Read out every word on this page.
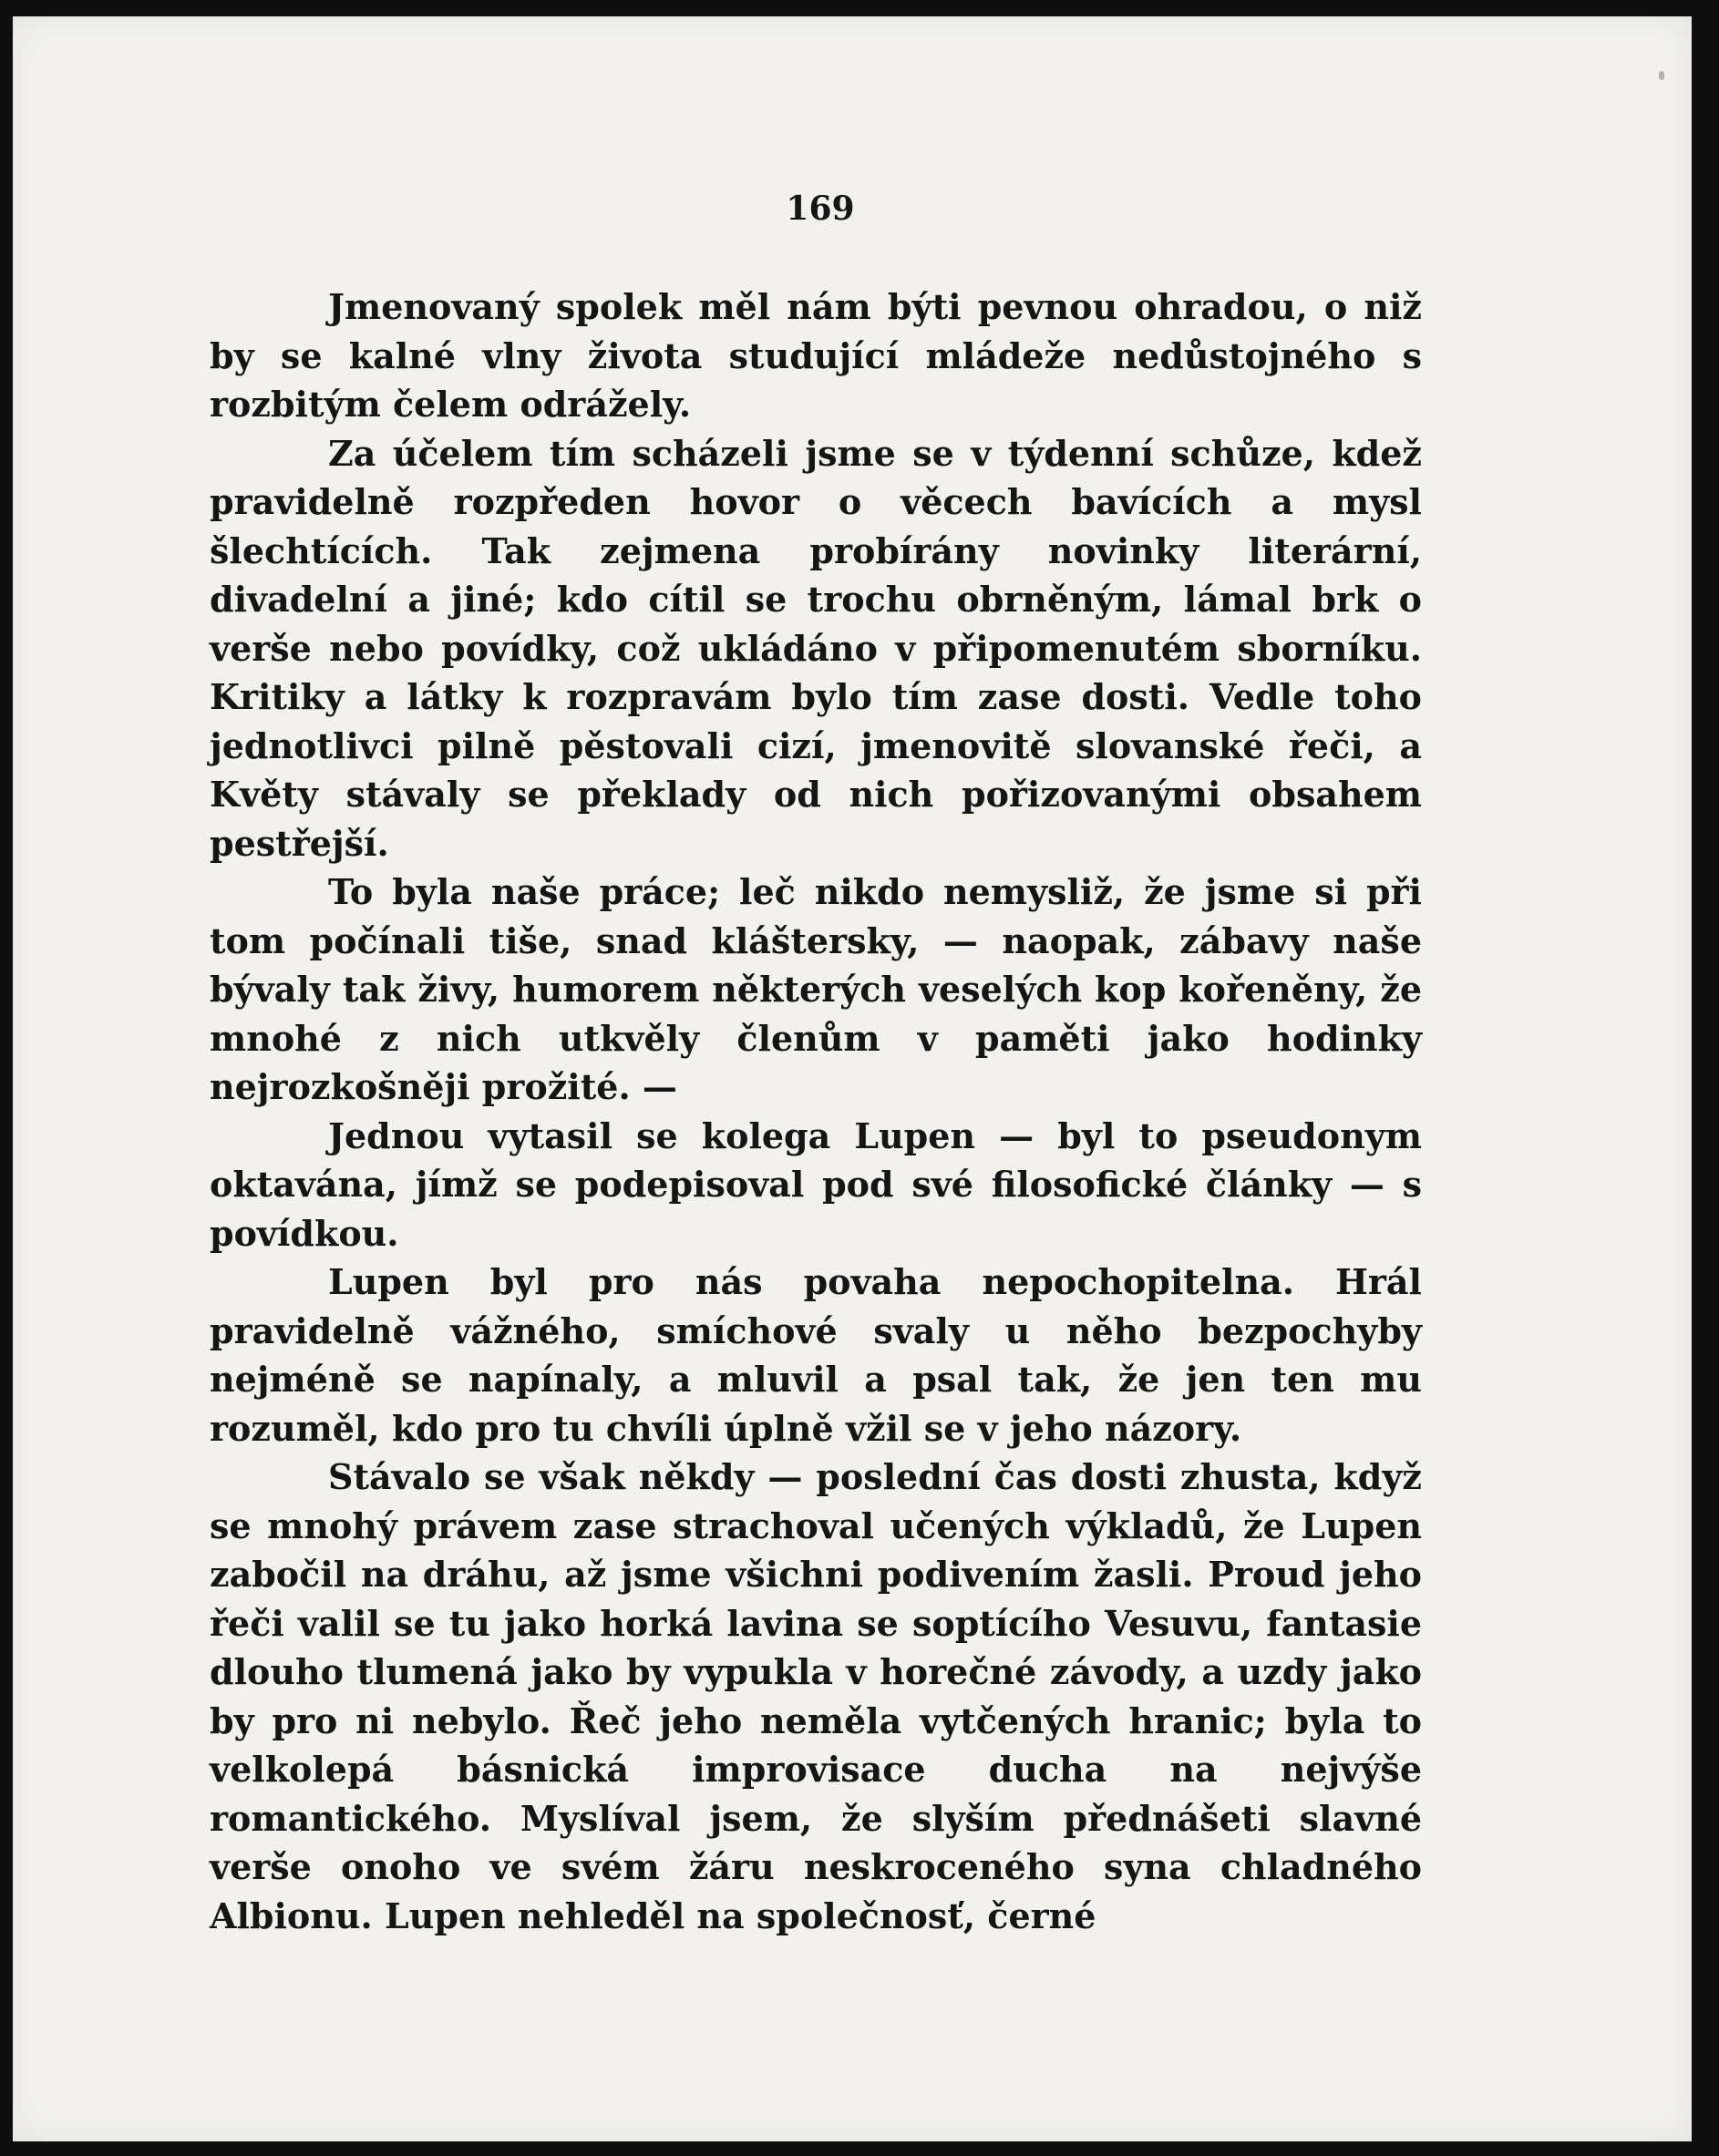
169

Jmenovaný spolek měl nám býti pevnou ohradou, o niž by se kalné vlny života studující mládeže nedůstojného s rozbitým čelem odrážely.

Za účelem tím scházeli jsme se v týdenní schůze, kdež pravidelně rozpředen hovor o věcech bavících a mysl šlechtících. Tak zejmena probírány novinky literární, divadelní a jiné; kdo cítil se trochu obrněným, lámal brk o verše nebo povídky, což ukládáno v připomenutém sborníku. Kritiky a látky k rozpravám bylo tím zase dosti. Vedle toho jednotlivci pilně pěstovali cizí, jmenovitě slovanské řeči, a Květy stávaly se překlady od nich pořizovanými obsahem pestřejší.

To byla naše práce; leč nikdo nemysliž, že jsme si při tom počínali tiše, snad kláštersky, — naopak, zábavy naše bývaly tak živy, humorem některých veselých kop kořeněny, že mnohé z nich utkvěly členům v paměti jako hodinky nejrozkošněji prožité. —

Jednou vytasil se kolega Lupen — byl to pseudonym oktavána, jímž se podepisoval pod své filosofické články — s povídkou.

Lupen byl pro nás povaha nepochopitelna. Hrál pravidelně vážného, smíchové svaly u něho bezpochyby nejméně se napínaly, a mluvil a psal tak, že jen ten mu rozuměl, kdo pro tu chvíli úplně vžil se v jeho názory.

Stávalo se však někdy — poslední čas dosti zhusta, když se mnohý právem zase strachoval učených výkladů, že Lupen zabočil na dráhu, až jsme všichni podivením žasli. Proud jeho řeči valil se tu jako horká lavina se soptícího Vesuvu, fantasie dlouho tlumená jako by vypukla v horečné závody, a uzdy jako by pro ni nebylo. Řeč jeho neměla vytčených hranic; byla to velkolepá básnická improvisace ducha na nejvýše romantického. Myslíval jsem, že slyším přednášeti slavné verše onoho ve svém žáru neskroceného syna chladného Albionu. Lupen nehleděl na společnosť, černé
